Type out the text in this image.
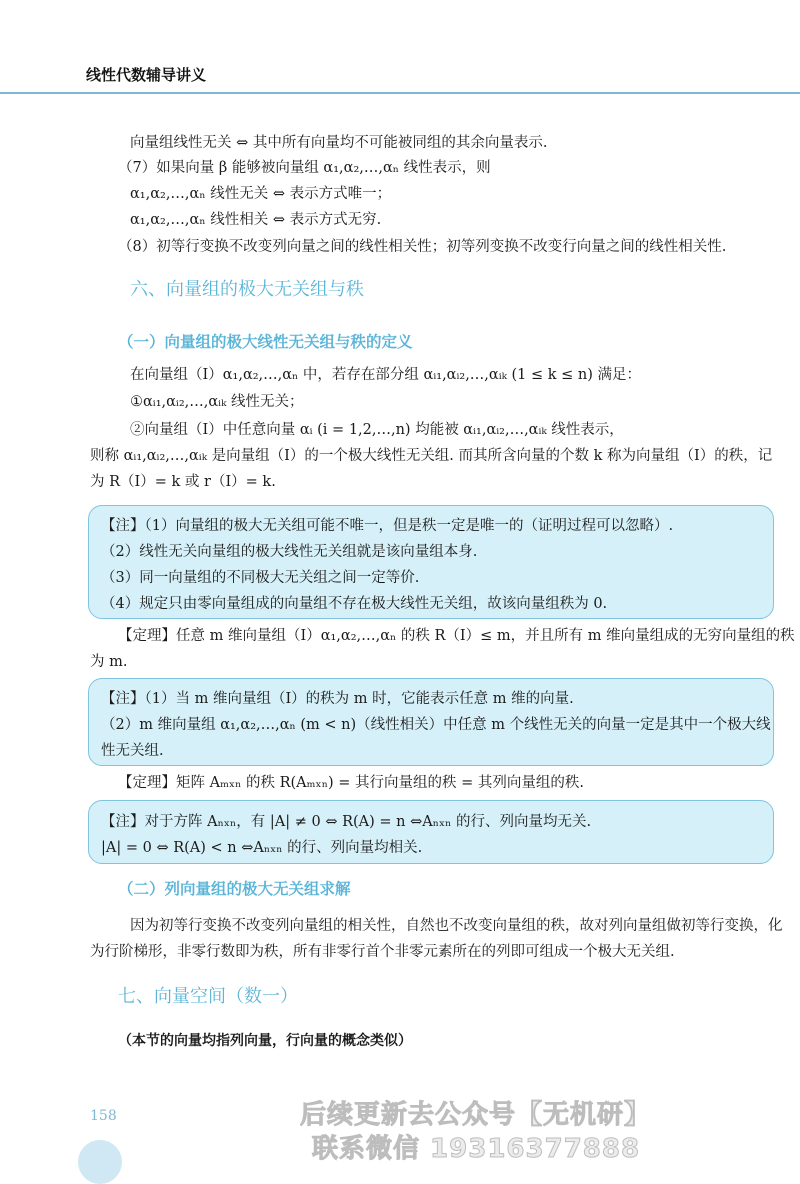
线性代数辅导讲义
向量组线性无关 ⇔ 其中所有向量均不可能被同组的其余向量表示.
（7）如果向量 β 能够被向量组 α₁,α₂,…,αₙ 线性表示，则
α₁,α₂,…,αₙ 线性无关 ⇔ 表示方式唯一；
α₁,α₂,…,αₙ 线性相关 ⇔ 表示方式无穷.
（8）初等行变换不改变列向量之间的线性相关性；初等列变换不改变行向量之间的线性相关性.
六、向量组的极大无关组与秩
（一）向量组的极大线性无关组与秩的定义
在向量组（Ⅰ）α₁,α₂,…,αₙ 中，若存在部分组 αᵢ₁,αᵢ₂,…,αᵢₖ (1 ≤ k ≤ n) 满足：
①αᵢ₁,αᵢ₂,…,αᵢₖ 线性无关；
②向量组（Ⅰ）中任意向量 αᵢ (i = 1,2,…,n) 均能被 αᵢ₁,αᵢ₂,…,αᵢₖ 线性表示，
则称 αᵢ₁,αᵢ₂,…,αᵢₖ 是向量组（Ⅰ）的一个极大线性无关组. 而其所含向量的个数 k 称为向量组（Ⅰ）的秩，记
为 R（Ⅰ）= k 或 r（Ⅰ）= k.
【注】（1）向量组的极大无关组可能不唯一，但是秩一定是唯一的（证明过程可以忽略）.
（2）线性无关向量组的极大线性无关组就是该向量组本身.
（3）同一向量组的不同极大无关组之间一定等价.
（4）规定只由零向量组成的向量组不存在极大线性无关组，故该向量组秩为 0.
【定理】任意 m 维向量组（Ⅰ）α₁,α₂,…,αₙ 的秩 R（Ⅰ）≤ m，并且所有 m 维向量组成的无穷向量组的秩
为 m.
【注】（1）当 m 维向量组（Ⅰ）的秩为 m 时，它能表示任意 m 维的向量.
（2）m 维向量组 α₁,α₂,…,αₙ (m < n)（线性相关）中任意 m 个线性无关的向量一定是其中一个极大线
性无关组.
【定理】矩阵 Aₘₓₙ 的秩 R(Aₘₓₙ) = 其行向量组的秩 = 其列向量组的秩.
【注】对于方阵 Aₙₓₙ，有 |A| ≠ 0 ⇔ R(A) = n ⇔Aₙₓₙ 的行、列向量均无关.
|A| = 0 ⇔ R(A) < n ⇔Aₙₓₙ 的行、列向量均相关.
（二）列向量组的极大无关组求解
因为初等行变换不改变列向量组的相关性，自然也不改变向量组的秩，故对列向量组做初等行变换，化
为行阶梯形，非零行数即为秩，所有非零行首个非零元素所在的列即可组成一个极大无关组.
七、向量空间（数一）
（本节的向量均指列向量，行向量的概念类似）
158	后续更新去公众号【无机研】
联系微信 19316377888
